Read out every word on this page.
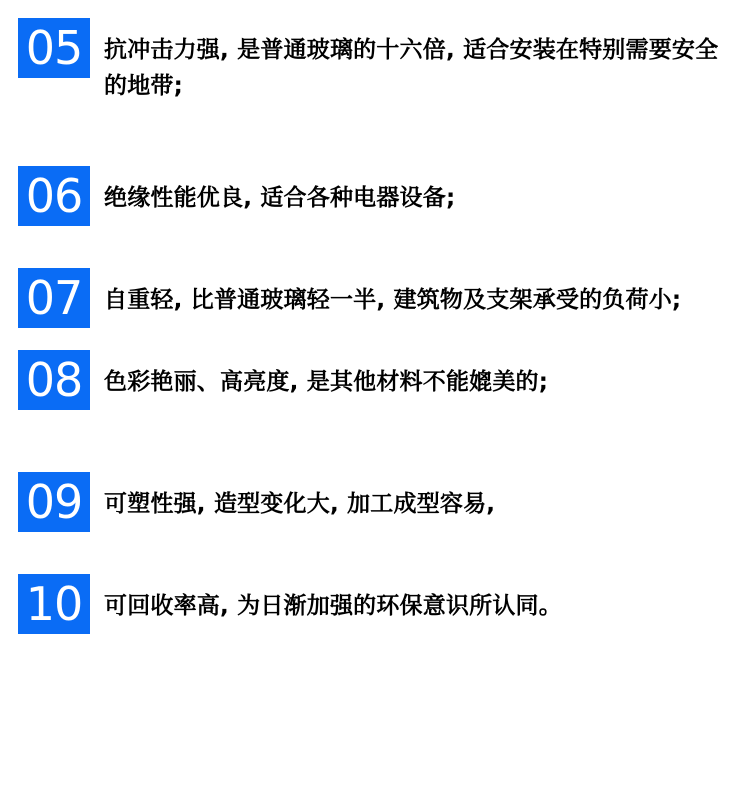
05 抗冲击力强, 是普通玻璃的十六倍, 适合安装在特别需要安全的地带;
06 绝缘性能优良, 适合各种电器设备;
07 自重轻, 比普通玻璃轻一半, 建筑物及支架承受的负荷小;
08 色彩艳丽、高亮度, 是其他材料不能媲美的;
09 可塑性强, 造型变化大, 加工成型容易,
10 可回收率高, 为日渐加强的环保意识所认同。
